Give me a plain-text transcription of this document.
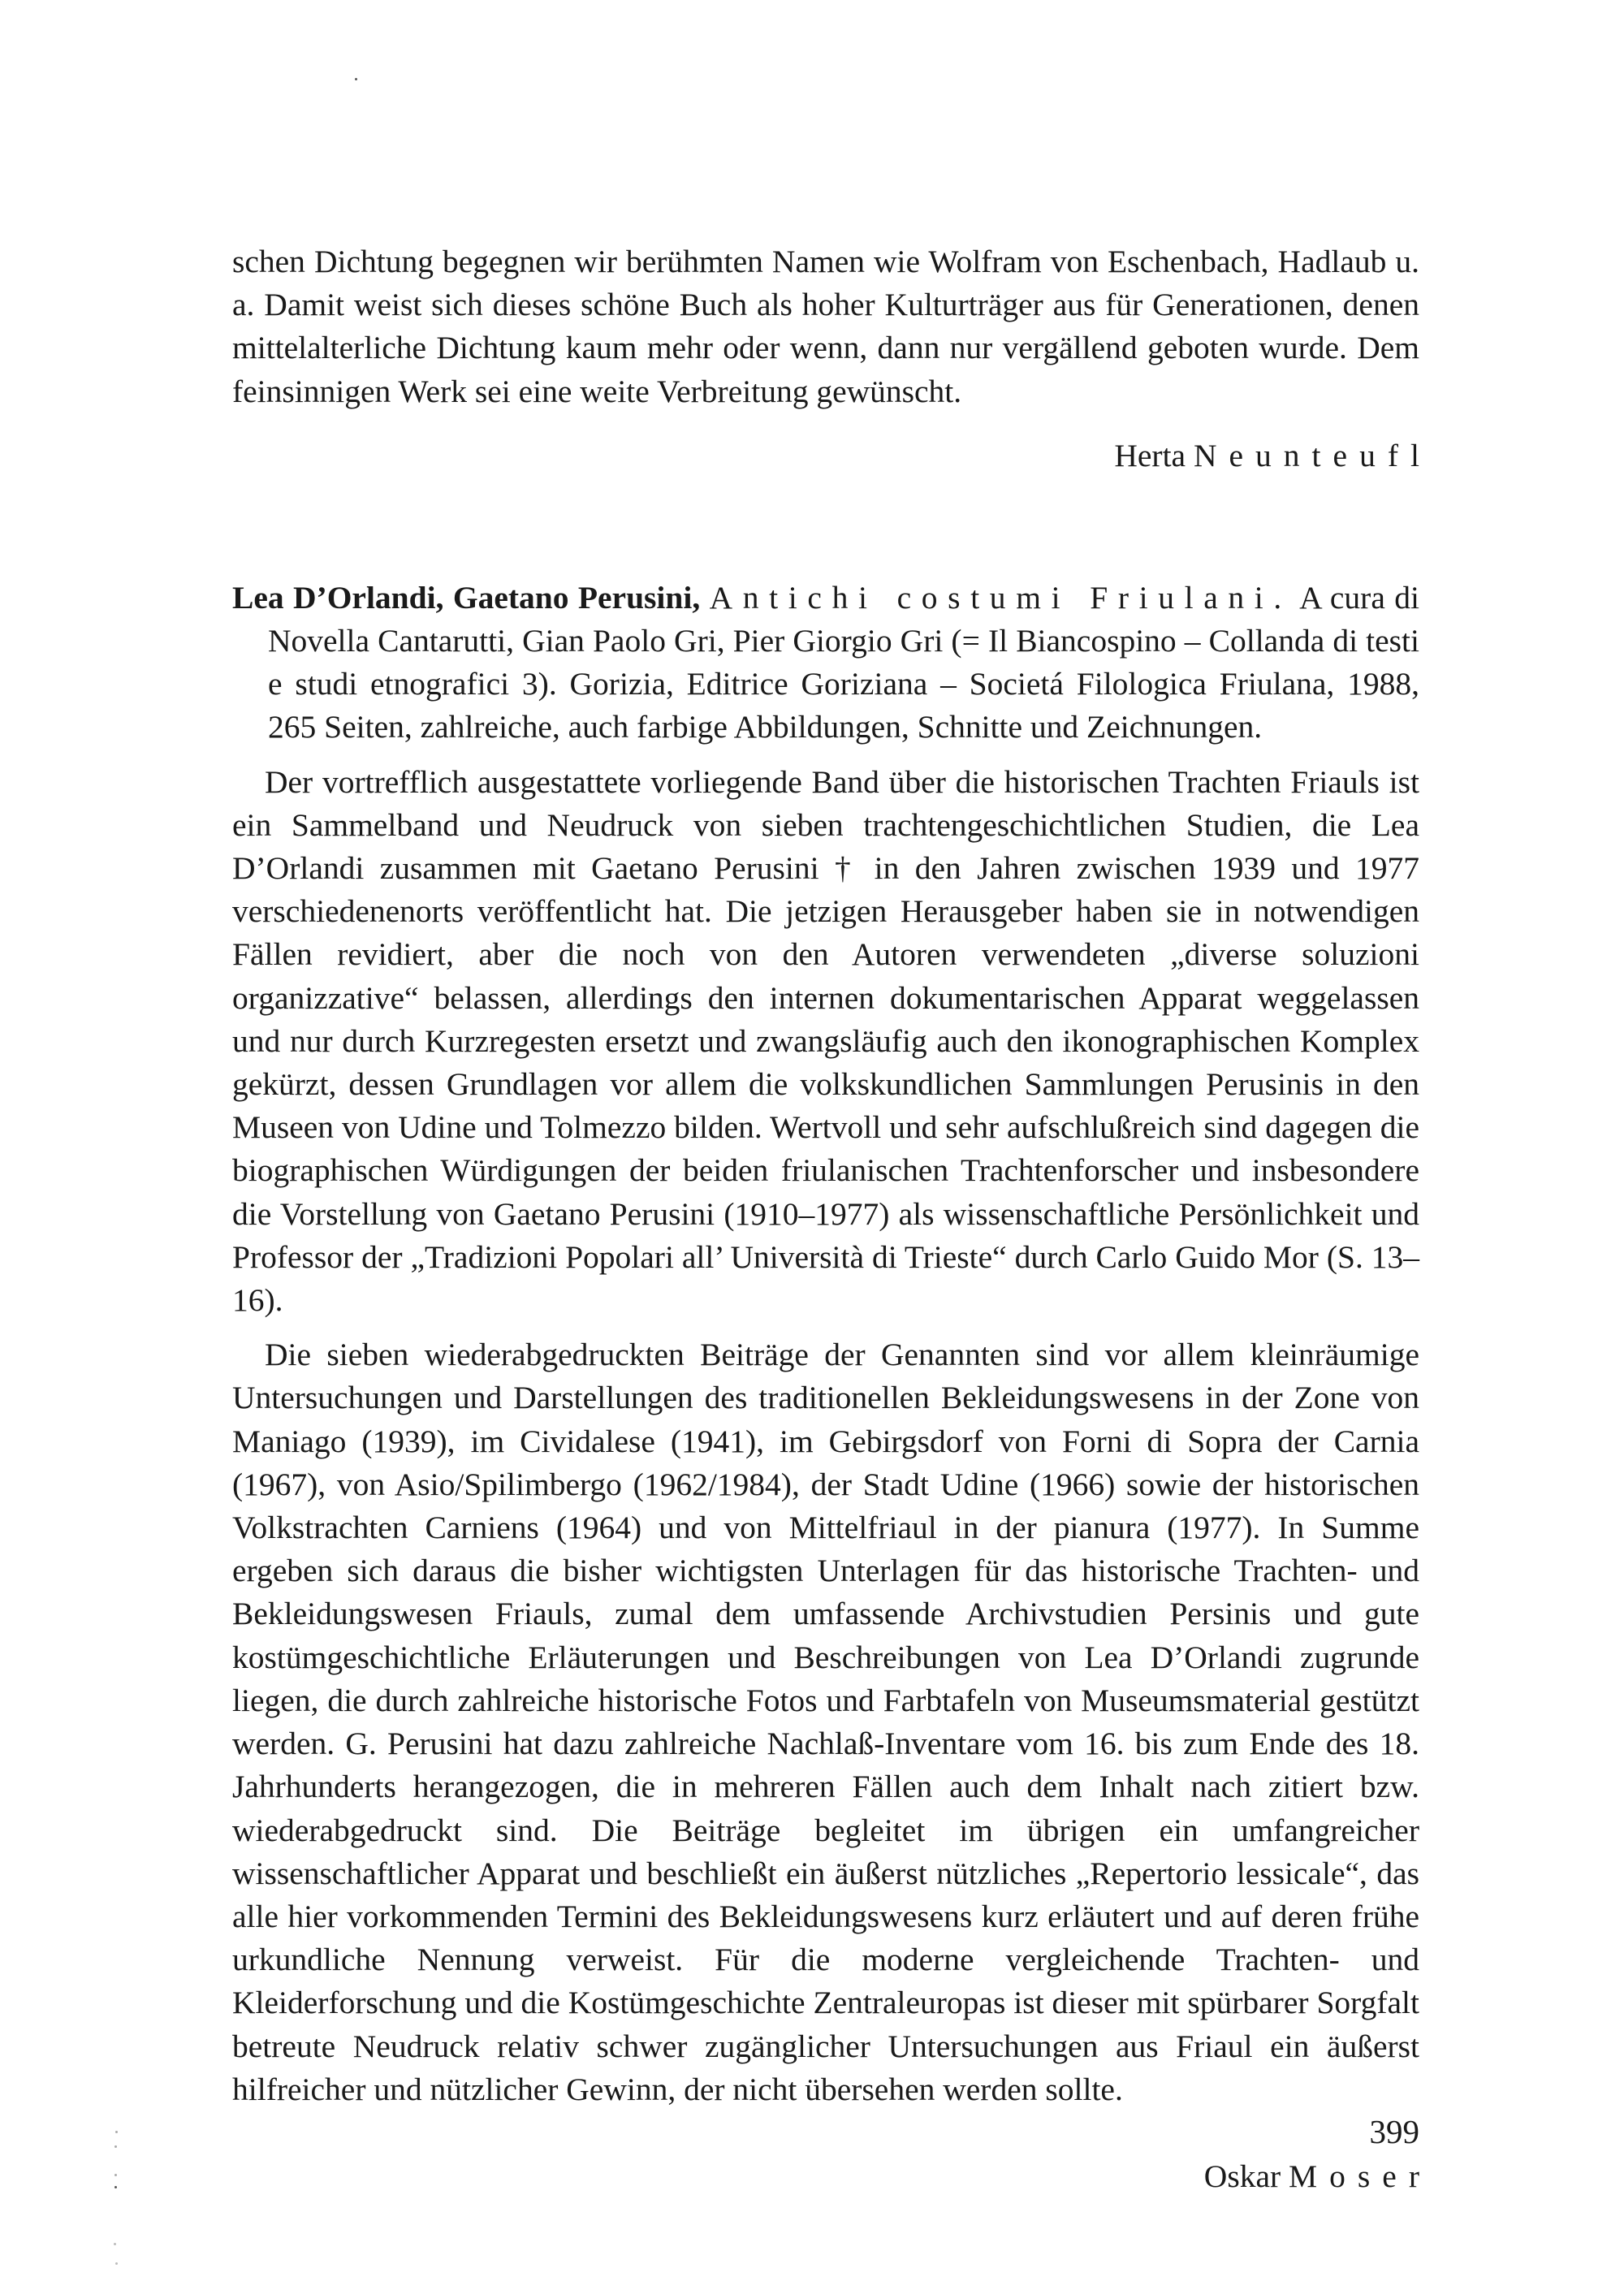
schen Dichtung begegnen wir berühmten Namen wie Wolfram von Eschenbach, Hadlaub u. a. Damit weist sich dieses schöne Buch als hoher Kulturträger aus für Generationen, denen mittelalterliche Dichtung kaum mehr oder wenn, dann nur vergällend geboten wurde. Dem feinsinnigen Werk sei eine weite Verbreitung gewünscht.

Herta Neunteufl

Lea D’Orlandi, Gaetano Perusini, Antichi costumi Friulani. A cura di Novella Cantarutti, Gian Paolo Gri, Pier Giorgio Gri (= Il Biancospino – Collanda di testi e studi etnografici 3). Gorizia, Editrice Goriziana – Societá Filologica Friulana, 1988, 265 Seiten, zahlreiche, auch farbige Abbildungen, Schnitte und Zeichnungen.

Der vortrefflich ausgestattete vorliegende Band über die historischen Trachten Friauls ist ein Sammelband und Neudruck von sieben trachtengeschichtlichen Studien, die Lea D’Orlandi zusammen mit Gaetano Perusini † in den Jahren zwischen 1939 und 1977 verschiedenenorts veröffentlicht hat. Die jetzigen Herausgeber haben sie in notwendigen Fällen revidiert, aber die noch von den Autoren verwendeten „diverse soluzioni organizzative“ belassen, allerdings den internen dokumentarischen Apparat weggelassen und nur durch Kurzregesten ersetzt und zwangsläufig auch den ikonographischen Komplex gekürzt, dessen Grundlagen vor allem die volkskundlichen Sammlungen Perusinis in den Museen von Udine und Tolmezzo bilden. Wertvoll und sehr aufschlußreich sind dagegen die biographischen Würdigungen der beiden friulanischen Trachtenforscher und insbesondere die Vorstellung von Gaetano Perusini (1910–1977) als wissenschaftliche Persönlichkeit und Professor der „Tradizioni Popolari all’ Università di Trieste“ durch Carlo Guido Mor (S. 13–16).

Die sieben wiederabgedruckten Beiträge der Genannten sind vor allem kleinräumige Untersuchungen und Darstellungen des traditionellen Bekleidungswesens in der Zone von Maniago (1939), im Cividalese (1941), im Gebirgsdorf von Forni di Sopra der Carnia (1967), von Asio/Spilimbergo (1962/1984), der Stadt Udine (1966) sowie der historischen Volkstrachten Carniens (1964) und von Mittelfriaul in der pianura (1977). In Summe ergeben sich daraus die bisher wichtigsten Unterlagen für das historische Trachten- und Bekleidungswesen Friauls, zumal dem umfassende Archivstudien Persinis und gute kostümgeschichtliche Erläuterungen und Beschreibungen von Lea D’Orlandi zugrunde liegen, die durch zahlreiche historische Fotos und Farbtafeln von Museumsmaterial gestützt werden. G. Perusini hat dazu zahlreiche Nachlaß-Inventare vom 16. bis zum Ende des 18. Jahrhunderts herangezogen, die in mehreren Fällen auch dem Inhalt nach zitiert bzw. wiederabgedruckt sind. Die Beiträge begleitet im übrigen ein umfangreicher wissenschaftlicher Apparat und beschließt ein äußerst nützliches „Repertorio lessicale“, das alle hier vorkommenden Termini des Bekleidungswesens kurz erläutert und auf deren frühe urkundliche Nennung verweist. Für die moderne vergleichende Trachten- und Kleiderforschung und die Kostümgeschichte Zentraleuropas ist dieser mit spürbarer Sorgfalt betreute Neudruck relativ schwer zugänglicher Untersuchungen aus Friaul ein äußerst hilfreicher und nützlicher Gewinn, der nicht übersehen werden sollte.

Oskar Moser
399
